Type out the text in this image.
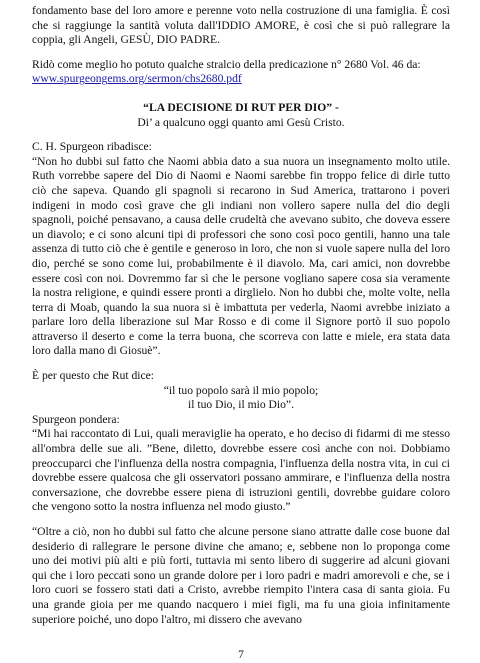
fondamento base del loro amore e perenne voto nella costruzione di una famiglia. È così che si raggiunge la santità voluta dall'IDDIO AMORE, è così che si può rallegrare la coppia, gli Angeli, GESÙ, DIO PADRE.

Ridò come meglio ho potuto qualche stralcio della predicazione n° 2680 Vol. 46 da:

www.spurgeongems.org/sermon/chs2680.pdf

“LA DECISIONE DI RUT PER DIO” -

Di’ a qualcuno oggi quanto ami Gesù Cristo.

C. H. Spurgeon ribadisce:

“Non ho dubbi sul fatto che Naomi abbia dato a sua nuora un insegnamento molto utile. Ruth vorrebbe sapere del Dio di Naomi e Naomi sarebbe fin troppo felice di dirle tutto ciò che sapeva. Quando gli spagnoli si recarono in Sud America, trattarono i poveri indigeni in modo così grave che gli indiani non vollero sapere nulla del dio degli spagnoli, poiché pensavano, a causa delle crudeltà che avevano subito, che doveva essere un diavolo; e ci sono alcuni tipi di professori che sono così poco gentili, hanno una tale assenza di tutto ciò che è gentile e generoso in loro, che non si vuole sapere nulla del loro dio, perché se sono come lui, probabilmente è il diavolo. Ma, cari amici, non dovrebbe essere così con noi. Dovremmo far sì che le persone vogliano sapere cosa sia veramente la nostra religione, e quindi essere pronti a dirglielo. Non ho dubbi che, molte volte, nella terra di Moab, quando la sua nuora si è imbattuta per vederla, Naomi avrebbe iniziato a parlare loro della liberazione sul Mar Rosso e di come il Signore portò il suo popolo attraverso il deserto e come la terra buona, che scorreva con latte e miele, era stata data loro dalla mano di Giosuè”.

È per questo che Rut dice:

“il tuo popolo sarà il mio popolo;

il tuo Dio, il mio Dio”.

Spurgeon pondera:

“Mi hai raccontato di Lui, quali meraviglie ha operato, e ho deciso di fidarmi di me stesso all'ombra delle sue ali. ”Bene, diletto, dovrebbe essere così anche con noi. Dobbiamo preoccuparci che l'influenza della nostra compagnia, l'influenza della nostra vita, in cui ci dovrebbe essere qualcosa che gli osservatori possano ammirare, e l'influenza della nostra conversazione, che dovrebbe essere piena di istruzioni gentili, dovrebbe guidare coloro che vengono sotto la nostra influenza nel modo giusto.”

“Oltre a ciò, non ho dubbi sul fatto che alcune persone siano attratte dalle cose buone dal desiderio di rallegrare le persone divine che amano; e, sebbene non lo proponga come uno dei motivi più alti e più forti, tuttavia mi sento libero di suggerire ad alcuni giovani qui che i loro peccati sono un grande dolore per i loro padri e madri amorevoli e che, se i loro cuori se fossero stati dati a Cristo, avrebbe riempito l'intera casa di santa gioia. Fu una grande gioia per me quando nacquero i miei figli, ma fu una gioia infinitamente superiore poiché, uno dopo l'altro, mi dissero che avevano

7
